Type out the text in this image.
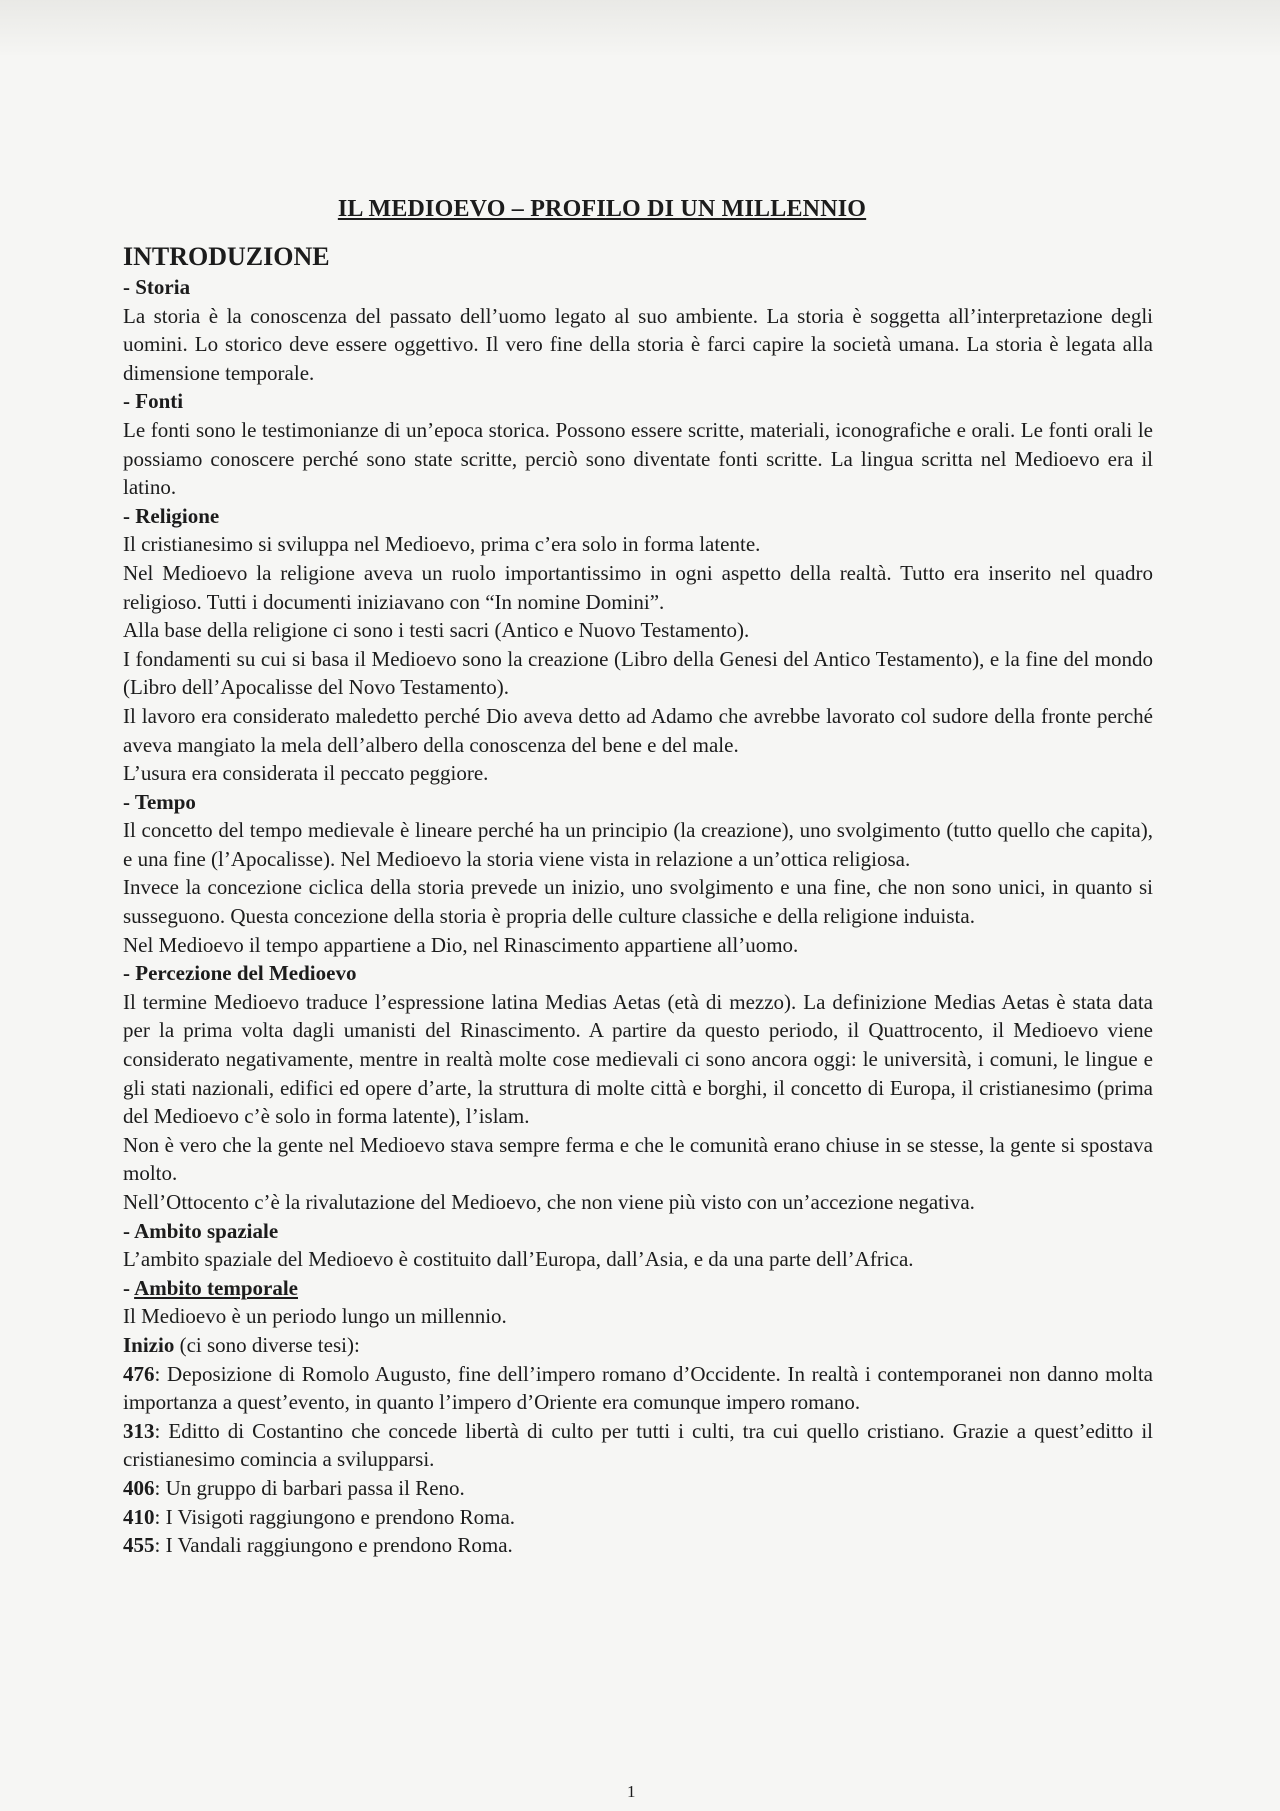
IL MEDIOEVO – PROFILO DI UN MILLENNIO
INTRODUZIONE
- Storia

La storia è la conoscenza del passato dell’uomo legato al suo ambiente. La storia è soggetta all’interpretazione degli uomini. Lo storico deve essere oggettivo. Il vero fine della storia è farci capire la società umana. La storia è legata alla dimensione temporale.

- Fonti

Le fonti sono le testimonianze di un’epoca storica. Possono essere scritte, materiali, iconografiche e orali. Le fonti orali le possiamo conoscere perché sono state scritte, perciò sono diventate fonti scritte. La lingua scritta nel Medioevo era il latino.

- Religione

Il cristianesimo si sviluppa nel Medioevo, prima c’era solo in forma latente.

Nel Medioevo la religione aveva un ruolo importantissimo in ogni aspetto della realtà. Tutto era inserito nel quadro religioso. Tutti i documenti iniziavano con “In nomine Domini”.

Alla base della religione ci sono i testi sacri (Antico e Nuovo Testamento).

I fondamenti su cui si basa il Medioevo sono la creazione (Libro della Genesi del Antico Testamento), e la fine del mondo (Libro dell’Apocalisse del Novo Testamento).

Il lavoro era considerato maledetto perché Dio aveva detto ad Adamo che avrebbe lavorato col sudore della fronte perché aveva mangiato la mela dell’albero della conoscenza del bene e del male.

L’usura era considerata il peccato peggiore.

- Tempo

Il concetto del tempo medievale è lineare perché ha un principio (la creazione), uno svolgimento (tutto quello che capita), e una fine (l’Apocalisse). Nel Medioevo la storia viene vista in relazione a un’ottica religiosa.

Invece la concezione ciclica della storia prevede un inizio, uno svolgimento e una fine, che non sono unici, in quanto si susseguono. Questa concezione della storia è propria delle culture classiche e della religione induista.

Nel Medioevo il tempo appartiene a Dio, nel Rinascimento appartiene all’uomo.

- Percezione del Medioevo

Il termine Medioevo traduce l’espressione latina Medias Aetas (età di mezzo). La definizione Medias Aetas è stata data per la prima volta dagli umanisti del Rinascimento. A partire da questo periodo, il Quattrocento, il Medioevo viene considerato negativamente, mentre in realtà molte cose medievali ci sono ancora oggi: le università, i comuni, le lingue e gli stati nazionali, edifici ed opere d’arte, la struttura di molte città e borghi, il concetto di Europa, il cristianesimo (prima del Medioevo c’è solo in forma latente), l’islam.

Non è vero che la gente nel Medioevo stava sempre ferma e che le comunità erano chiuse in se stesse, la gente si spostava molto.

Nell’Ottocento c’è la rivalutazione del Medioevo, che non viene più visto con un’accezione negativa.

- Ambito spaziale

L’ambito spaziale del Medioevo è costituito dall’Europa, dall’Asia, e da una parte dell’Africa.

- Ambito temporale

Il Medioevo è un periodo lungo un millennio.

Inizio (ci sono diverse tesi):

476: Deposizione di Romolo Augusto, fine dell’impero romano d’Occidente. In realtà i contemporanei non danno molta importanza a quest’evento, in quanto l’impero d’Oriente era comunque impero romano.

313: Editto di Costantino che concede libertà di culto per tutti i culti, tra cui quello cristiano. Grazie a quest’editto il cristianesimo comincia a svilupparsi.

406: Un gruppo di barbari passa il Reno.

410: I Visigoti raggiungono e prendono Roma.

455: I Vandali raggiungono e prendono Roma.

1
